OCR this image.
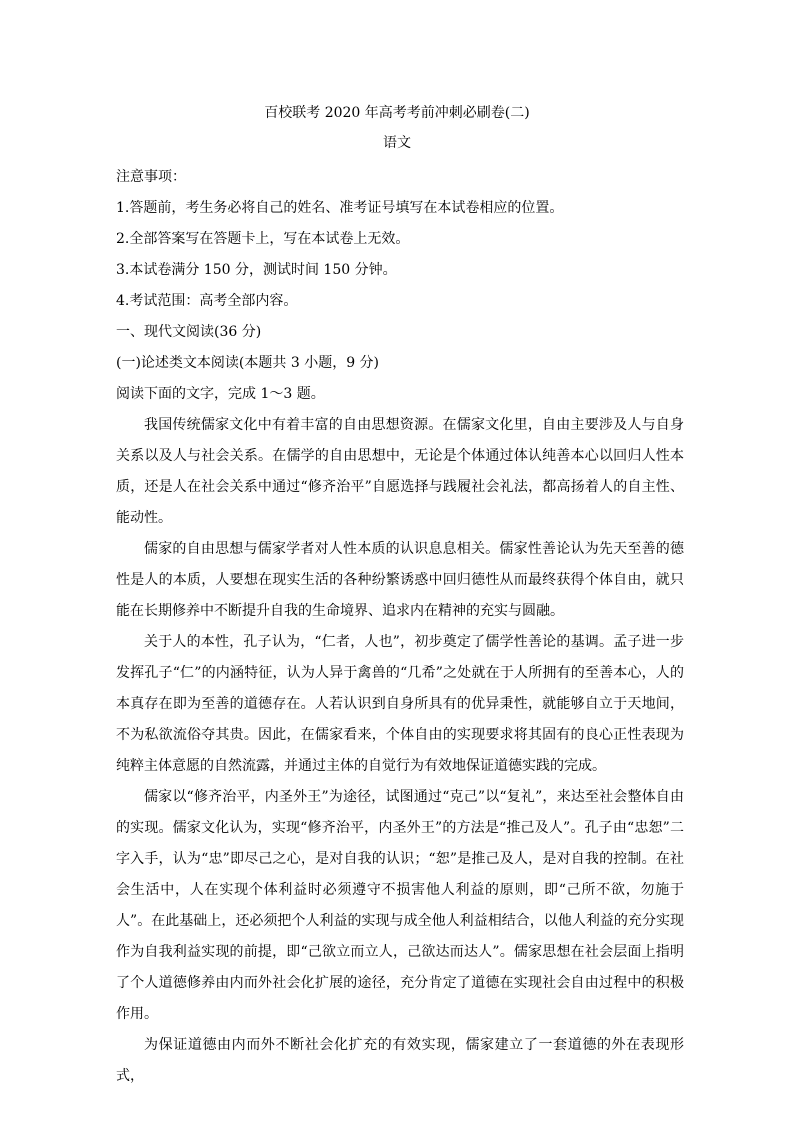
百校联考 2020 年高考考前冲刺必刷卷(二)
语文
注意事项：
1.答题前，考生务必将自己的姓名、准考证号填写在本试卷相应的位置。
2.全部答案写在答题卡上，写在本试卷上无效。
3.本试卷满分 150 分，测试时间 150 分钟。
4.考试范围：高考全部内容。
一、现代文阅读(36 分)
(一)论述类文本阅读(本题共 3 小题，9 分)
阅读下面的文字，完成 1～3 题。

我国传统儒家文化中有着丰富的自由思想资源。在儒家文化里，自由主要涉及人与自身关系以及人与社会关系。在儒学的自由思想中，无论是个体通过体认纯善本心以回归人性本质，还是人在社会关系中通过“修齐治平”自愿选择与践履社会礼法，都高扬着人的自主性、能动性。

儒家的自由思想与儒家学者对人性本质的认识息息相关。儒家性善论认为先天至善的德性是人的本质，人要想在现实生活的各种纷繁诱惑中回归德性从而最终获得个体自由，就只能在长期修养中不断提升自我的生命境界、追求内在精神的充实与圆融。

关于人的本性，孔子认为，“仁者，人也”，初步奠定了儒学性善论的基调。孟子进一步发挥孔子“仁”的内涵特征，认为人异于禽兽的“几希”之处就在于人所拥有的至善本心，人的本真存在即为至善的道德存在。人若认识到自身所具有的优异秉性，就能够自立于天地间，不为私欲流俗夺其贵。因此，在儒家看来，个体自由的实现要求将其固有的良心正性表现为纯粹主体意愿的自然流露，并通过主体的自觉行为有效地保证道德实践的完成。

儒家以“修齐治平，内圣外王”为途径，试图通过“克己”以“复礼”，来达至社会整体自由的实现。儒家文化认为，实现“修齐治平，内圣外王”的方法是“推己及人”。孔子由“忠恕”二字入手，认为“忠”即尽己之心，是对自我的认识；“恕”是推己及人，是对自我的控制。在社会生活中，人在实现个体利益时必须遵守不损害他人利益的原则，即“己所不欲，勿施于人”。在此基础上，还必须把个人利益的实现与成全他人利益相结合，以他人利益的充分实现作为自我利益实现的前提，即“己欲立而立人，己欲达而达人”。儒家思想在社会层面上指明了个人道德修养由内而外社会化扩展的途径，充分肯定了道德在实现社会自由过程中的积极作用。

为保证道德由内而外不断社会化扩充的有效实现，儒家建立了一套道德的外在表现形式，
